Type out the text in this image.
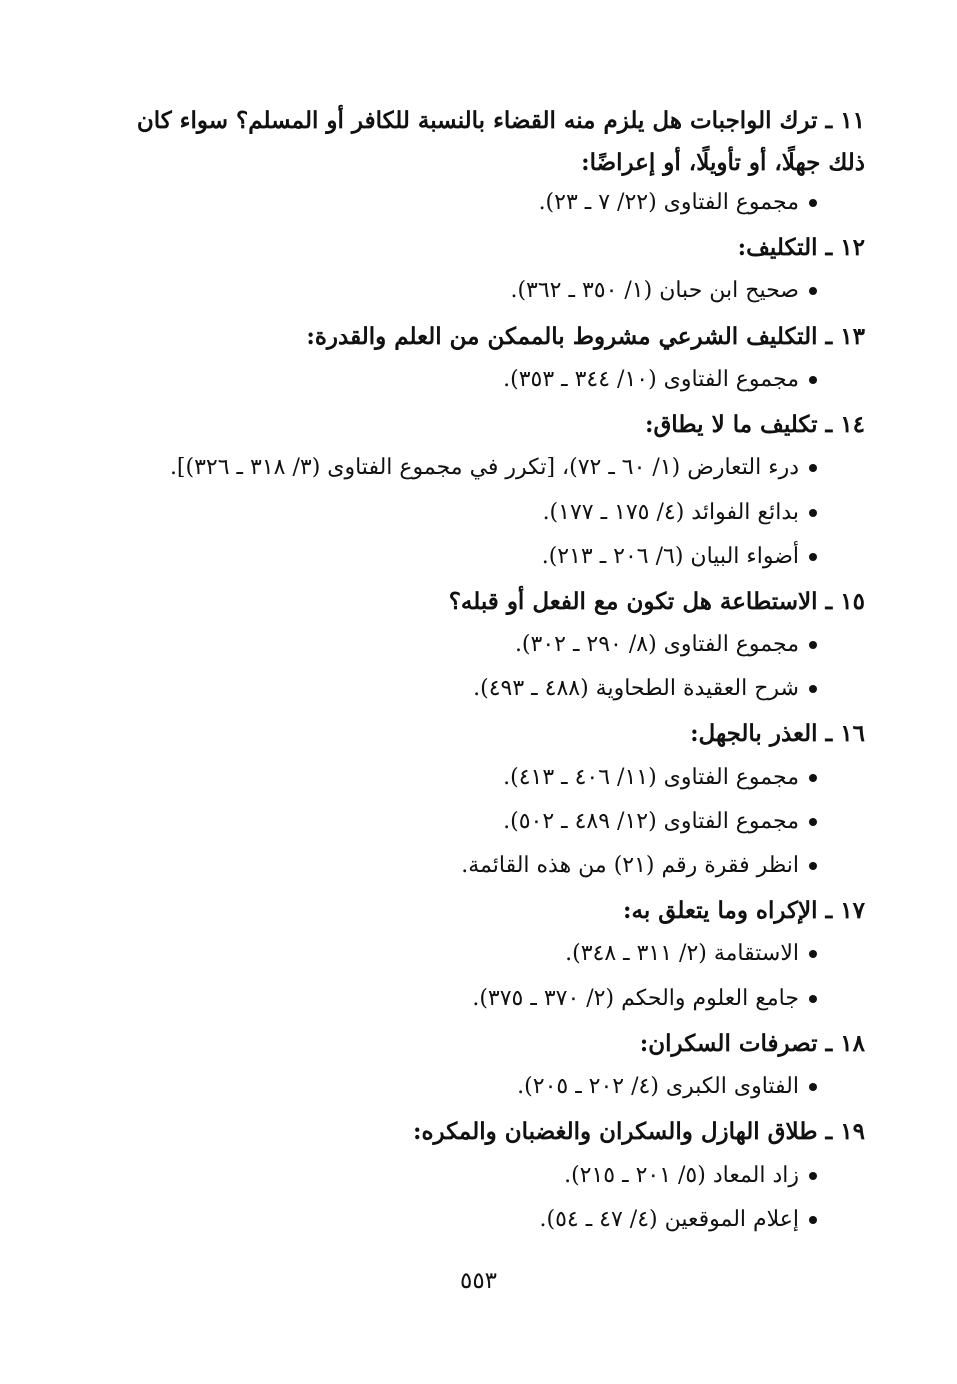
١١ ـ ترك الواجبات هل يلزم منه القضاء بالنسبة للكافر أو المسلم؟ سواء كان ذلك جهلًا، أو تأويلًا، أو إعراضًا:
مجموع الفتاوى (٢٢/ ٧ ـ ٢٣).
١٢ ـ التكليف:
صحيح ابن حبان (١/ ٣٥٠ ـ ٣٦٢).
١٣ ـ التكليف الشرعي مشروط بالممكن من العلم والقدرة:
مجموع الفتاوى (١٠/ ٣٤٤ ـ ٣٥٣).
١٤ ـ تكليف ما لا يطاق:
درء التعارض (١/ ٦٠ ـ ٧٢)، [تكرر في مجموع الفتاوى (٣/ ٣١٨ ـ ٣٢٦)].
بدائع الفوائد (٤/ ١٧٥ ـ ١٧٧).
أضواء البيان (٦/ ٢٠٦ ـ ٢١٣).
١٥ ـ الاستطاعة هل تكون مع الفعل أو قبله؟
مجموع الفتاوى (٨/ ٢٩٠ ـ ٣٠٢).
شرح العقيدة الطحاوية (٤٨٨ ـ ٤٩٣).
١٦ ـ العذر بالجهل:
مجموع الفتاوى (١١/ ٤٠٦ ـ ٤١٣).
مجموع الفتاوى (١٢/ ٤٨٩ ـ ٥٠٢).
انظر فقرة رقم (٢١) من هذه القائمة.
١٧ ـ الإكراه وما يتعلق به:
الاستقامة (٢/ ٣١١ ـ ٣٤٨).
جامع العلوم والحكم (٢/ ٣٧٠ ـ ٣٧٥).
١٨ ـ تصرفات السكران:
الفتاوى الكبرى (٤/ ٢٠٢ ـ ٢٠٥).
١٩ ـ طلاق الهازل والسكران والغضبان والمكره:
زاد المعاد (٥/ ٢٠١ ـ ٢١٥).
إعلام الموقعين (٤/ ٤٧ ـ ٥٤).
٥٥٣
